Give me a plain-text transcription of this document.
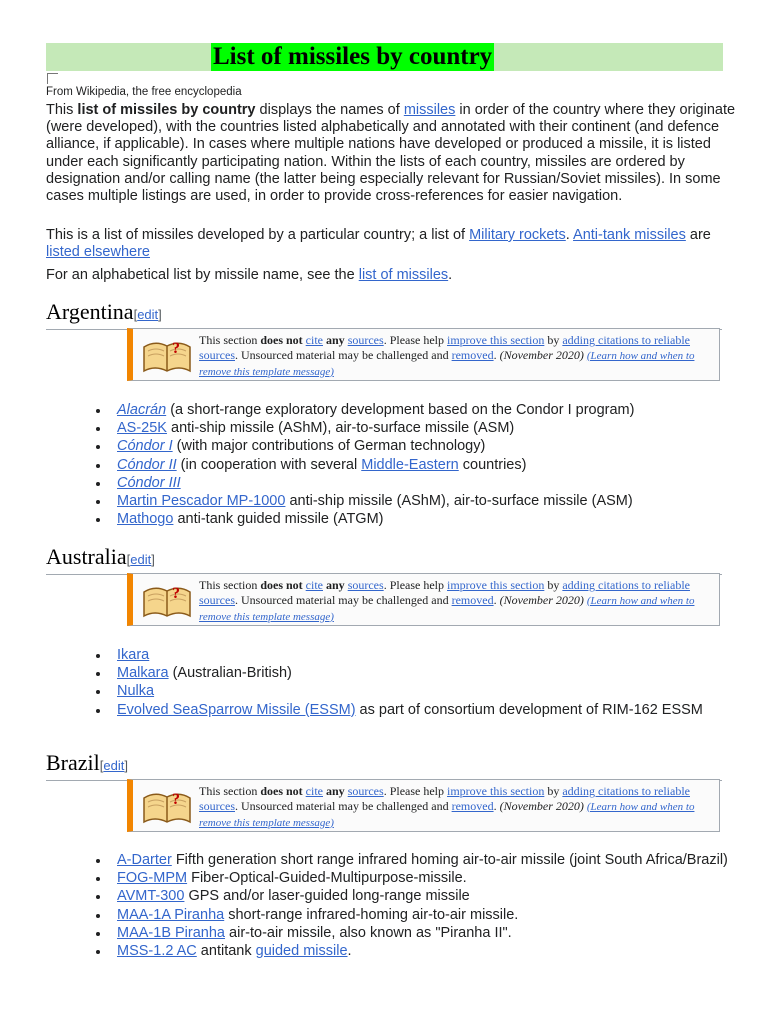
List of missiles by country
From Wikipedia, the free encyclopedia

This list of missiles by country displays the names of missiles in order of the country where they originate (were developed), with the countries listed alphabetically and annotated with their continent (and defence alliance, if applicable). In cases where multiple nations have developed or produced a missile, it is listed under each significantly participating nation. Within the lists of each country, missiles are ordered by designation and/or calling name (the latter being especially relevant for Russian/Soviet missiles). In some cases multiple listings are used, in order to provide cross-references for easier navigation.

This is a list of missiles developed by a particular country; a list of Military rockets. Anti-tank missiles are listed elsewhere

For an alphabetical list by missile name, see the list of missiles.

Argentina[edit]
? This section does not cite any sources. Please help improve this section by adding citations to reliable sources. Unsourced material may be challenged and removed. (November 2020) (Learn how and when to remove this template message)

Alacrán (a short-range exploratory development based on the Condor I program)
AS-25K anti-ship missile (AShM), air-to-surface missile (ASM)
Cóndor I (with major contributions of German technology)
Cóndor II (in cooperation with several Middle-Eastern countries)
Cóndor III
Martin Pescador MP-1000 anti-ship missile (AShM), air-to-surface missile (ASM)
Mathogo anti-tank guided missile (ATGM)
Australia[edit]
? This section does not cite any sources. Please help improve this section by adding citations to reliable sources. Unsourced material may be challenged and removed. (November 2020) (Learn how and when to remove this template message)

Ikara
Malkara (Australian-British)
Nulka
Evolved SeaSparrow Missile (ESSM) as part of consortium development of RIM-162 ESSM
Brazil[edit]
? This section does not cite any sources. Please help improve this section by adding citations to reliable sources. Unsourced material may be challenged and removed. (November 2020) (Learn how and when to remove this template message)

A-Darter Fifth generation short range infrared homing air-to-air missile (joint South Africa/Brazil)
FOG-MPM Fiber-Optical-Guided-Multipurpose-missile.
AVMT-300 GPS and/or laser-guided long-range missile
MAA-1A Piranha short-range infrared-homing air-to-air missile.
MAA-1B Piranha air-to-air missile, also known as "Piranha II".
MSS-1.2 AC antitank guided missile.
